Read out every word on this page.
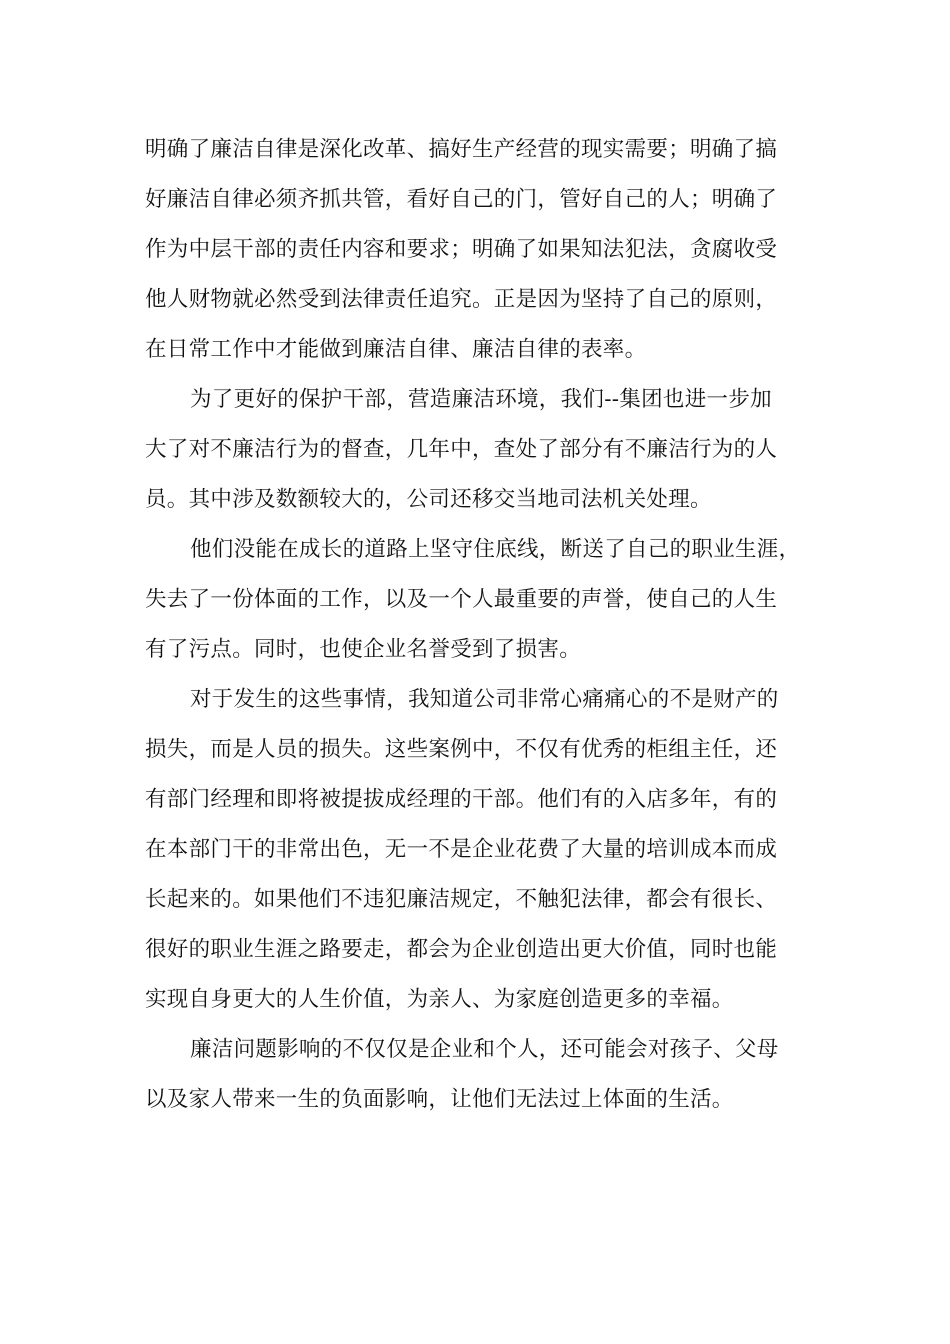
明确了廉洁自律是深化改革、搞好生产经营的现实需要；明确了搞
好廉洁自律必须齐抓共管，看好自己的门，管好自己的人；明确了
作为中层干部的责任内容和要求；明确了如果知法犯法，贪腐收受
他人财物就必然受到法律责任追究。正是因为坚持了自己的原则，
在日常工作中才能做到廉洁自律、廉洁自律的表率。
为了更好的保护干部，营造廉洁环境，我们--集团也进一步加
大了对不廉洁行为的督查，几年中，查处了部分有不廉洁行为的人
员。其中涉及数额较大的，公司还移交当地司法机关处理。
他们没能在成长的道路上坚守住底线，断送了自己的职业生涯，
失去了一份体面的工作，以及一个人最重要的声誉，使自己的人生
有了污点。同时，也使企业名誉受到了损害。
对于发生的这些事情，我知道公司非常心痛痛心的不是财产的
损失，而是人员的损失。这些案例中，不仅有优秀的柜组主任，还
有部门经理和即将被提拔成经理的干部。他们有的入店多年，有的
在本部门干的非常出色，无一不是企业花费了大量的培训成本而成
长起来的。如果他们不违犯廉洁规定，不触犯法律，都会有很长、
很好的职业生涯之路要走，都会为企业创造出更大价值，同时也能
实现自身更大的人生价值，为亲人、为家庭创造更多的幸福。
廉洁问题影响的不仅仅是企业和个人，还可能会对孩子、父母
以及家人带来一生的负面影响，让他们无法过上体面的生活。
